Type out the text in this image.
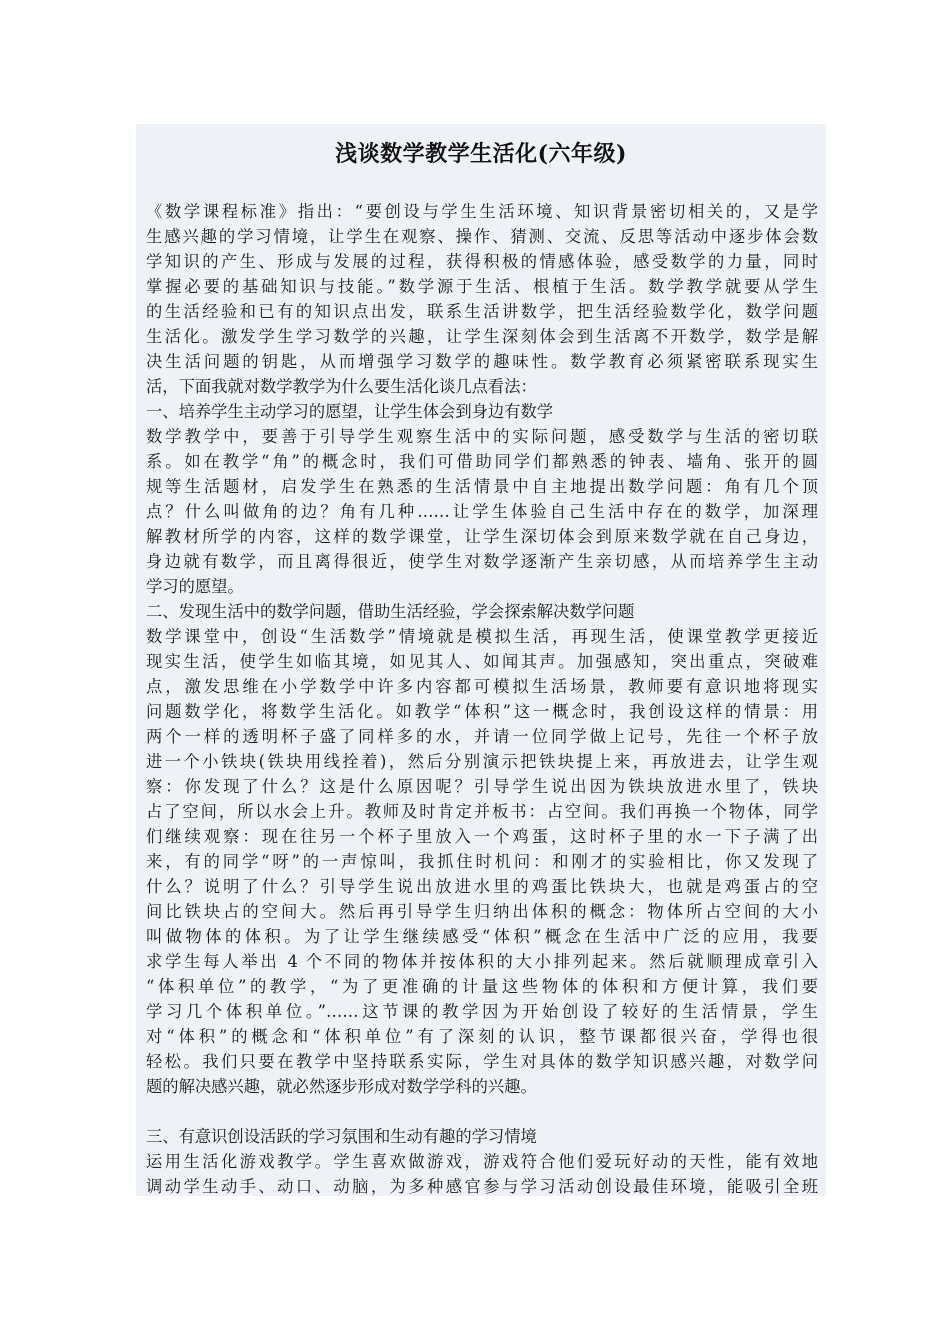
浅谈数学教学生活化(六年级)
《数学课程标准》指出：“要创设与学生生活环境、知识背景密切相关的，又是学
生感兴趣的学习情境，让学生在观察、操作、猜测、交流、反思等活动中逐步体会数
学知识的产生、形成与发展的过程，获得积极的情感体验，感受数学的力量，同时
掌握必要的基础知识与技能。”数学源于生活、根植于生活。数学教学就要从学生
的生活经验和已有的知识点出发，联系生活讲数学，把生活经验数学化，数学问题
生活化。激发学生学习数学的兴趣，让学生深刻体会到生活离不开数学，数学是解
决生活问题的钥匙，从而增强学习数学的趣味性。数学教育必须紧密联系现实生
活，下面我就对数学教学为什么要生活化谈几点看法：
一、培养学生主动学习的愿望，让学生体会到身边有数学
数学教学中，要善于引导学生观察生活中的实际问题，感受数学与生活的密切联
系。如在教学“角”的概念时，我们可借助同学们都熟悉的钟表、墙角、张开的圆
规等生活题材，启发学生在熟悉的生活情景中自主地提出数学问题：角有几个顶
点？什么叫做角的边？角有几种……让学生体验自己生活中存在的数学，加深理
解教材所学的内容，这样的数学课堂，让学生深切体会到原来数学就在自己身边，
身边就有数学，而且离得很近，使学生对数学逐渐产生亲切感，从而培养学生主动
学习的愿望。
二、发现生活中的数学问题，借助生活经验，学会探索解决数学问题
数学课堂中，创设“生活数学”情境就是模拟生活，再现生活，使课堂教学更接近
现实生活，使学生如临其境，如见其人、如闻其声。加强感知，突出重点，突破难
点，激发思维在小学数学中许多内容都可模拟生活场景，教师要有意识地将现实
问题数学化，将数学生活化。如教学“体积”这一概念时，我创设这样的情景：用
两个一样的透明杯子盛了同样多的水，并请一位同学做上记号，先往一个杯子放
进一个小铁块(铁块用线拴着)，然后分别演示把铁块提上来，再放进去，让学生观
察：你发现了什么？这是什么原因呢？引导学生说出因为铁块放进水里了，铁块
占了空间，所以水会上升。教师及时肯定并板书：占空间。我们再换一个物体，同学
们继续观察：现在往另一个杯子里放入一个鸡蛋，这时杯子里的水一下子满了出
来，有的同学“呀”的一声惊叫，我抓住时机问：和刚才的实验相比，你又发现了
什么？说明了什么？引导学生说出放进水里的鸡蛋比铁块大，也就是鸡蛋占的空
间比铁块占的空间大。然后再引导学生归纳出体积的概念：物体所占空间的大小
叫做物体的体积。为了让学生继续感受“体积”概念在生活中广泛的应用，我要
求学生每人举出 4 个不同的物体并按体积的大小排列起来。然后就顺理成章引入
“体积单位”的教学，“为了更准确的计量这些物体的体积和方便计算，我们要
学习几个体积单位。”……这节课的教学因为开始创设了较好的生活情景，学生
对“体积”的概念和“体积单位”有了深刻的认识，整节课都很兴奋，学得也很
轻松。我们只要在教学中坚持联系实际，学生对具体的数学知识感兴趣，对数学问
题的解决感兴趣，就必然逐步形成对数学学科的兴趣。
三、有意识创设活跃的学习氛围和生动有趣的学习情境
运用生活化游戏教学。学生喜欢做游戏，游戏符合他们爱玩好动的天性，能有效地
调动学生动手、动口、动脑，为多种感官参与学习活动创设最佳环境，能吸引全班
